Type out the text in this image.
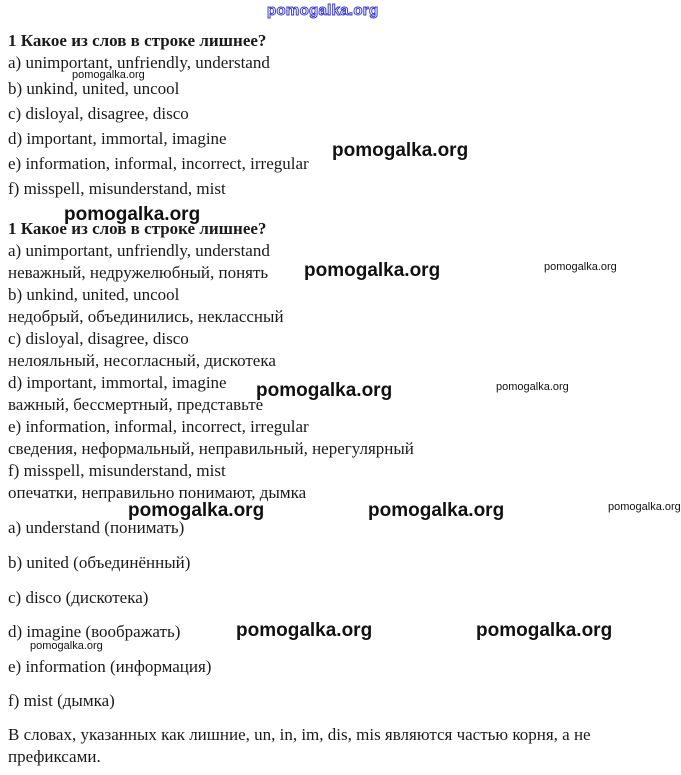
pomogalka.org
1 Какое из слов в строке лишнее?
a) unimportant, unfriendly, understand
b) unkind, united, uncool
c) disloyal, disagree, disco
d) important, immortal, imagine
e) information, informal, incorrect, irregular
f) misspell, misunderstand, mist
1 Какое из слов в строке лишнее?
a) unimportant, unfriendly, understand
неважный, недружелюбный, понять
b) unkind, united, uncool
недобрый, объединились, неклассный
c) disloyal, disagree, disco
нелояльный, несогласный, дискотека
d) important, immortal, imagine
важный, бессмертный, представьте
e) information, informal, incorrect, irregular
сведения, неформальный, неправильный, нерегулярный
f) misspell, misunderstand, mist
опечатки, неправильно понимают, дымка
a) understand (понимать)
b) united (объединённый)
c) disco (дискотека)
d) imagine (воображать)
e) information (информация)
f) mist (дымка)
В словах, указанных как лишние, un, in, im, dis, mis являются частью корня, а не префиксами.
pomogalka.org
pomogalka.org
pomogalka.org
pomogalka.org	pomogalka.org
pomogalka.org	pomogalka.org
pomogalka.org	pomogalka.org	pomogalka.org
pomogalka.org	pomogalka.org
pomogalka.org
